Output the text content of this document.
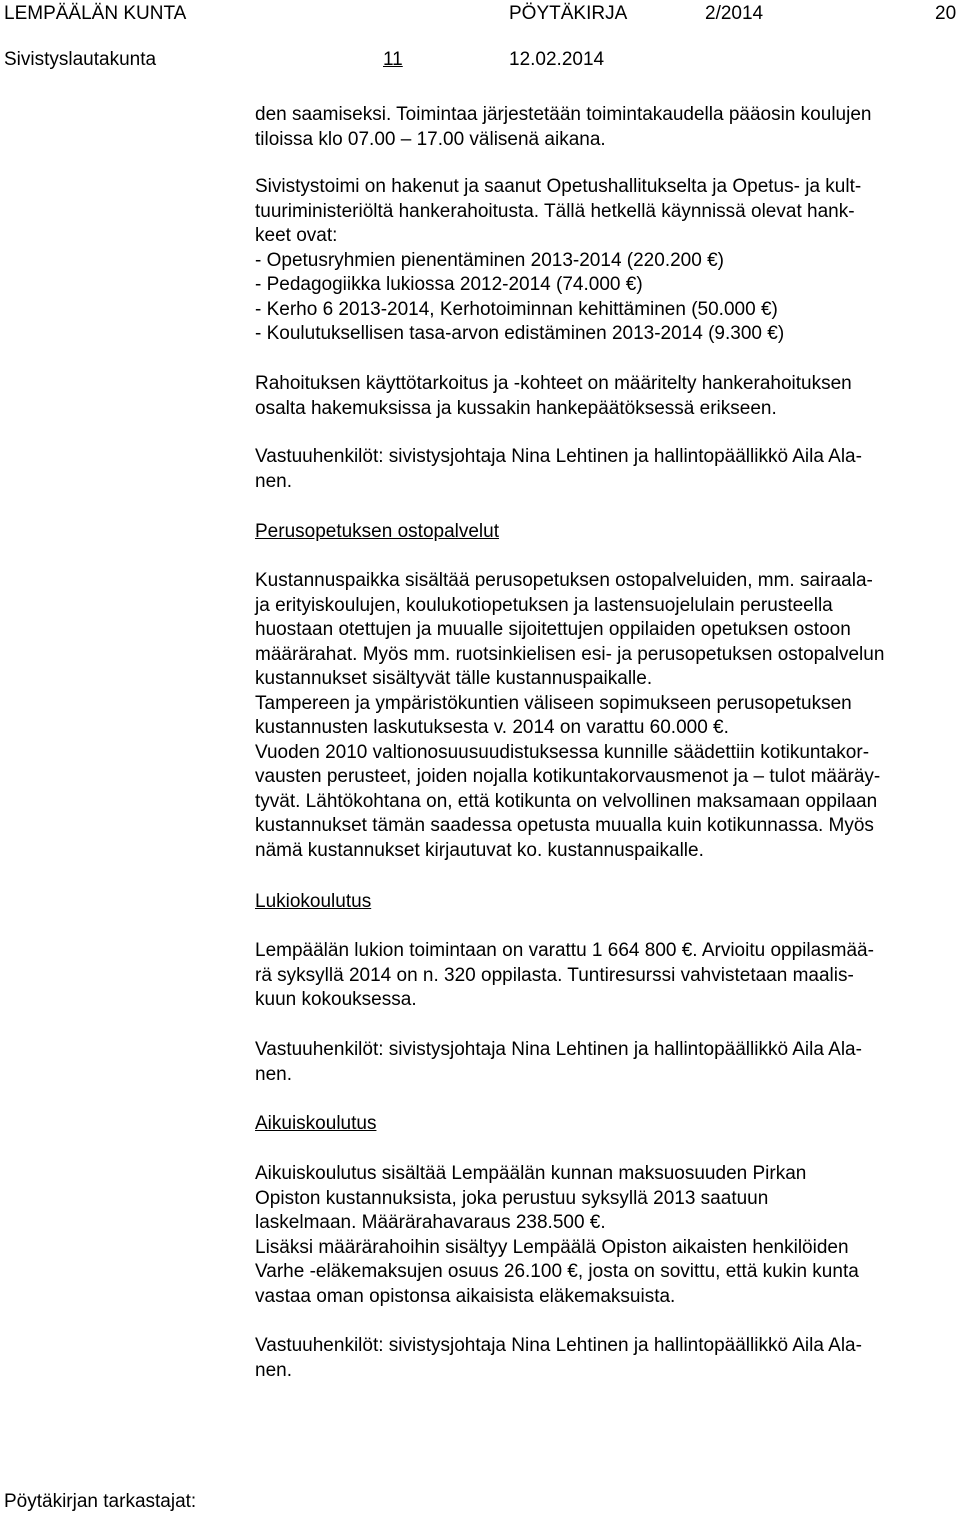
LEMPÄÄLÄN KUNTA	PÖYTÄKIRJA	2/2014	20
Sivistyslautakunta	11	12.02.2014
den saamiseksi. Toimintaa järjestetään toimintakaudella pääosin koulujen
tiloissa klo 07.00 – 17.00 välisenä aikana.
Sivistystoimi on hakenut ja saanut Opetushallitukselta ja Opetus- ja kult-
tuuriministeriöltä hankerahoitusta. Tällä hetkellä käynnissä olevat hank-
keet ovat:
- Opetusryhmien pienentäminen 2013-2014 (220.200 €)
- Pedagogiikka lukiossa 2012-2014 (74.000 €)
- Kerho 6 2013-2014, Kerhotoiminnan kehittäminen (50.000 €)
- Koulutuksellisen tasa-arvon edistäminen 2013-2014 (9.300 €)
Rahoituksen käyttötarkoitus ja -kohteet on määritelty hankerahoituksen
osalta hakemuksissa ja kussakin hankepäätöksessä erikseen.
Vastuuhenkilöt: sivistysjohtaja Nina Lehtinen ja hallintopäällikkö Aila Ala-
nen.
Perusopetuksen ostopalvelut
Kustannuspaikka sisältää perusopetuksen ostopalveluiden, mm. sairaala-
ja erityiskoulujen, koulukotiopetuksen ja lastensuojelulain perusteella
huostaan otettujen ja muualle sijoitettujen oppilaiden opetuksen ostoon
määrärahat. Myös mm. ruotsinkielisen esi- ja perusopetuksen ostopalvelun
kustannukset sisältyvät tälle kustannuspaikalle.
Tampereen ja ympäristökuntien väliseen sopimukseen perusopetuksen
kustannusten laskutuksesta v. 2014 on varattu 60.000 €.
Vuoden 2010 valtionosuusuudistuksessa kunnille säädettiin kotikuntakor-
vausten perusteet, joiden nojalla kotikuntakorvausmenot ja – tulot määräy-
tyvät. Lähtökohtana on, että kotikunta on velvollinen maksamaan oppilaan
kustannukset tämän saadessa opetusta muualla kuin kotikunnassa. Myös
nämä kustannukset kirjautuvat ko. kustannuspaikalle.
Lukiokoulutus
Lempäälän lukion toimintaan on varattu 1 664 800 €. Arvioitu oppilasmää-
rä syksyllä 2014 on n. 320 oppilasta. Tuntiresurssi vahvistetaan maalis-
kuun kokouksessa.
Vastuuhenkilöt: sivistysjohtaja Nina Lehtinen ja hallintopäällikkö Aila Ala-
nen.
Aikuiskoulutus
Aikuiskoulutus sisältää Lempäälän kunnan maksuosuuden Pirkan
Opiston kustannuksista, joka perustuu syksyllä 2013 saatuun
laskelmaan. Määrärahavaraus 238.500 €.
Lisäksi määrärahoihin sisältyy Lempäälä Opiston aikaisten henkilöiden
Varhe -eläkemaksujen osuus 26.100 €, josta on sovittu, että kukin kunta
vastaa oman opistonsa aikaisista eläkemaksuista.
Vastuuhenkilöt: sivistysjohtaja Nina Lehtinen ja hallintopäällikkö Aila Ala-
nen.
Pöytäkirjan tarkastajat:
